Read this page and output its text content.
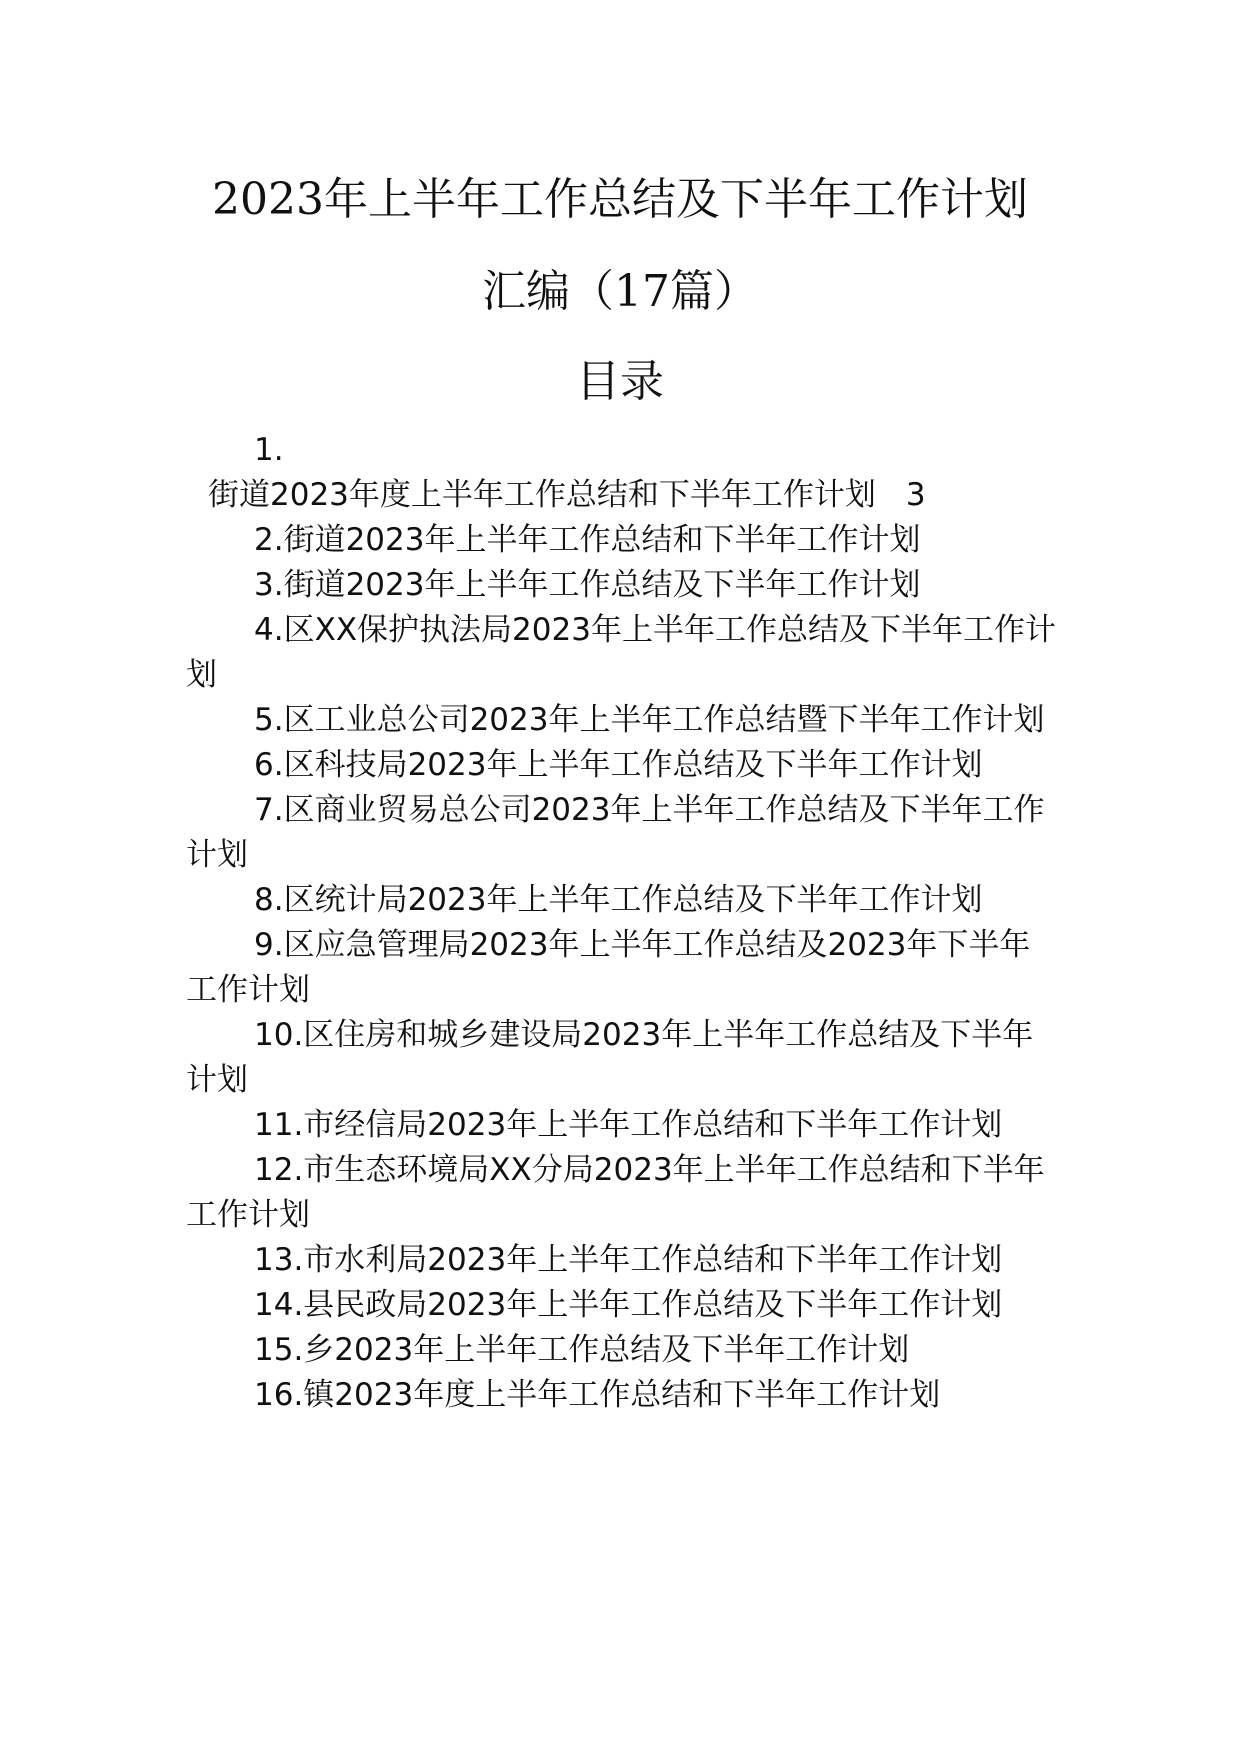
2023年上半年工作总结及下半年工作计划
汇编（17篇）
目录
1.
街道2023年度上半年工作总结和下半年工作计划 3

2.街道2023年上半年工作总结和下半年工作计划

3.街道2023年上半年工作总结及下半年工作计划

4.区XX保护执法局2023年上半年工作总结及下半年工作计划

5.区工业总公司2023年上半年工作总结暨下半年工作计划

6.区科技局2023年上半年工作总结及下半年工作计划

7.区商业贸易总公司2023年上半年工作总结及下半年工作计划

8.区统计局2023年上半年工作总结及下半年工作计划

9.区应急管理局2023年上半年工作总结及2023年下半年工作计划

10.区住房和城乡建设局2023年上半年工作总结及下半年计划

11.市经信局2023年上半年工作总结和下半年工作计划

12.市生态环境局XX分局2023年上半年工作总结和下半年工作计划

13.市水利局2023年上半年工作总结和下半年工作计划

14.县民政局2023年上半年工作总结及下半年工作计划

15.乡2023年上半年工作总结及下半年工作计划

16.镇2023年度上半年工作总结和下半年工作计划
